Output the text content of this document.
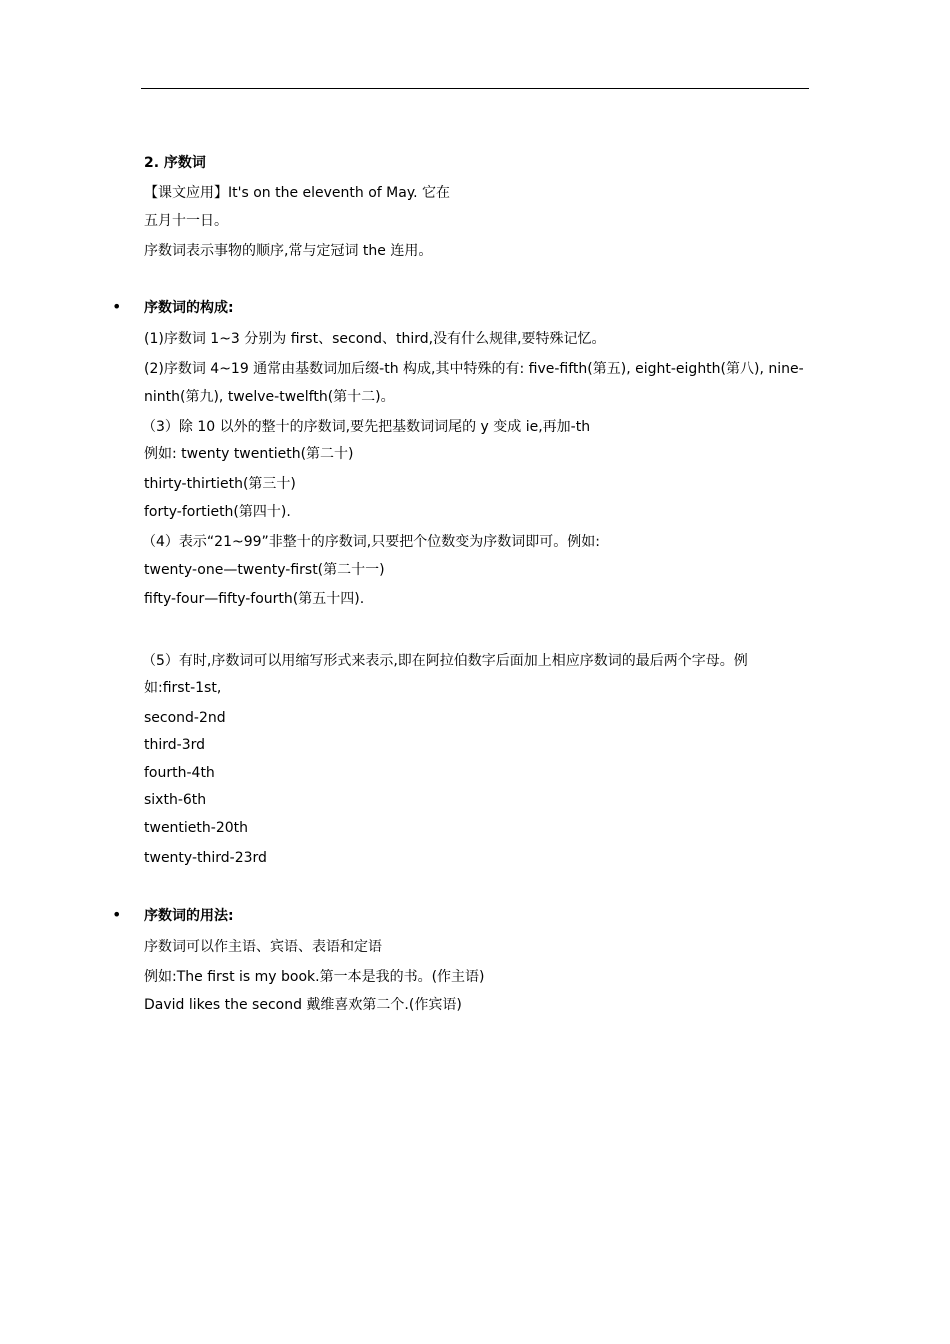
2. 序数词
【课文应用】It's on the eleventh of May. 它在
五月十一日。
序数词表示事物的顺序,常与定冠词 the 连用。
• 序数词的构成:
(1)序数词 1~3 分别为 first、second、third,没有什么规律,要特殊记忆。
(2)序数词 4~19 通常由基数词加后缀-th 构成,其中特殊的有: five-fifth(第五), eight-eighth(第八), nine-
ninth(第九), twelve-twelfth(第十二)。
（3）除 10 以外的整十的序数词,要先把基数词词尾的 y 变成 ie,再加-th
例如: twenty twentieth(第二十)
thirty-thirtieth(第三十)
forty-fortieth(第四十).
（4）表示“21~99”非整十的序数词,只要把个位数变为序数词即可。例如:
twenty-one—twenty-first(第二十一)
fifty-four—fifty-fourth(第五十四).
（5）有时,序数词可以用缩写形式来表示,即在阿拉伯数字后面加上相应序数词的最后两个字母。例
如:first-1st,
second-2nd
third-3rd
fourth-4th
sixth-6th
twentieth-20th
twenty-third-23rd
• 序数词的用法:
序数词可以作主语、宾语、表语和定语
例如:The first is my book.第一本是我的书。(作主语)
David likes the second 戴维喜欢第二个.(作宾语)
